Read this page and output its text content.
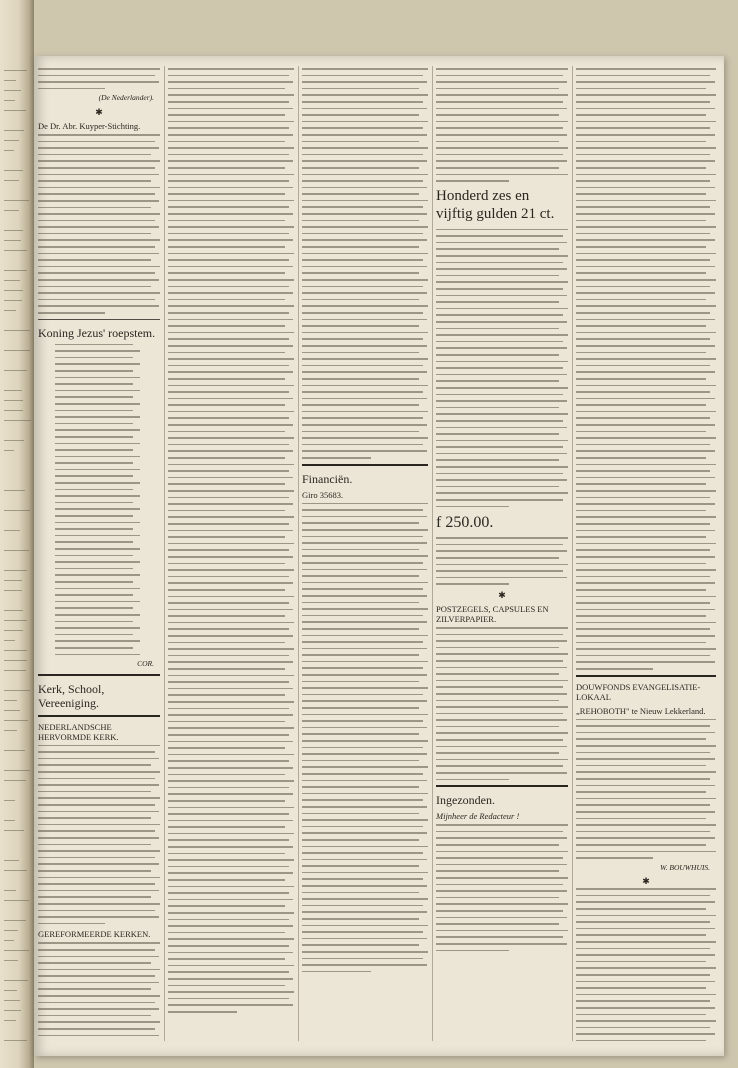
(De Nederlander).
✱
De Dr. Abr. Kuyper-Stichting.
Koning Jezus' roepstem.
COR.
Kerk, School, Vereeniging.
NEDERLANDSCHE HERVORMDE KERK.
GEREFORMEERDE KERKEN.
Financiën.
Giro 35683.
Honderd zes en vijftig gulden 21 ct.
f 250.00.
✱
POSTZEGELS, CAPSULES EN ZILVERPAPIER.
Ingezonden.
Mijnheer de Redacteur !
DOUWFONDS EVANGELISATIE-LOKAAL
„REHOBOTH" te Nieuw Lekkerland.
W. BOUWHUIS.
✱
